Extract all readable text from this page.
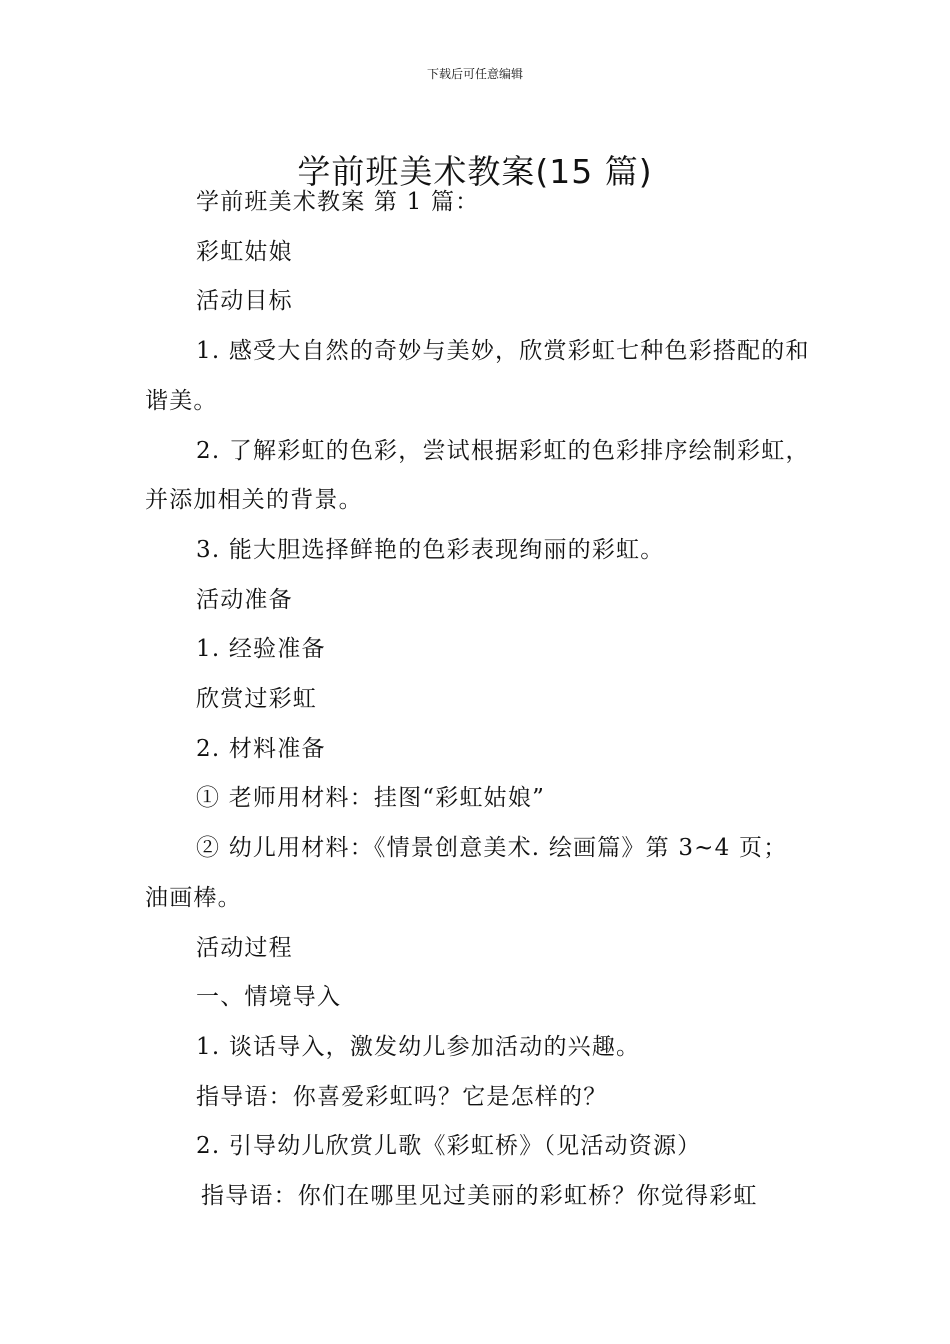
下载后可任意编辑
学前班美术教案(15 篇)

学前班美术教案 第 1 篇：

彩虹姑娘

活动目标

1. 感受大自然的奇妙与美妙，欣赏彩虹七种色彩搭配的和谐美。

2. 了解彩虹的色彩，尝试根据彩虹的色彩排序绘制彩虹，并添加相关的背景。

3. 能大胆选择鲜艳的色彩表现绚丽的彩虹。

活动准备

1. 经验准备

欣赏过彩虹

2. 材料准备

① 老师用材料：挂图“彩虹姑娘”

② 幼儿用材料：《情景创意美术. 绘画篇》第 3~4 页；油画棒。

活动过程

一、情境导入

1. 谈话导入，激发幼儿参加活动的兴趣。

指导语：你喜爱彩虹吗？它是怎样的？

2. 引导幼儿欣赏儿歌《彩虹桥》（见活动资源）

指导语：你们在哪里见过美丽的彩虹桥？你觉得彩虹
